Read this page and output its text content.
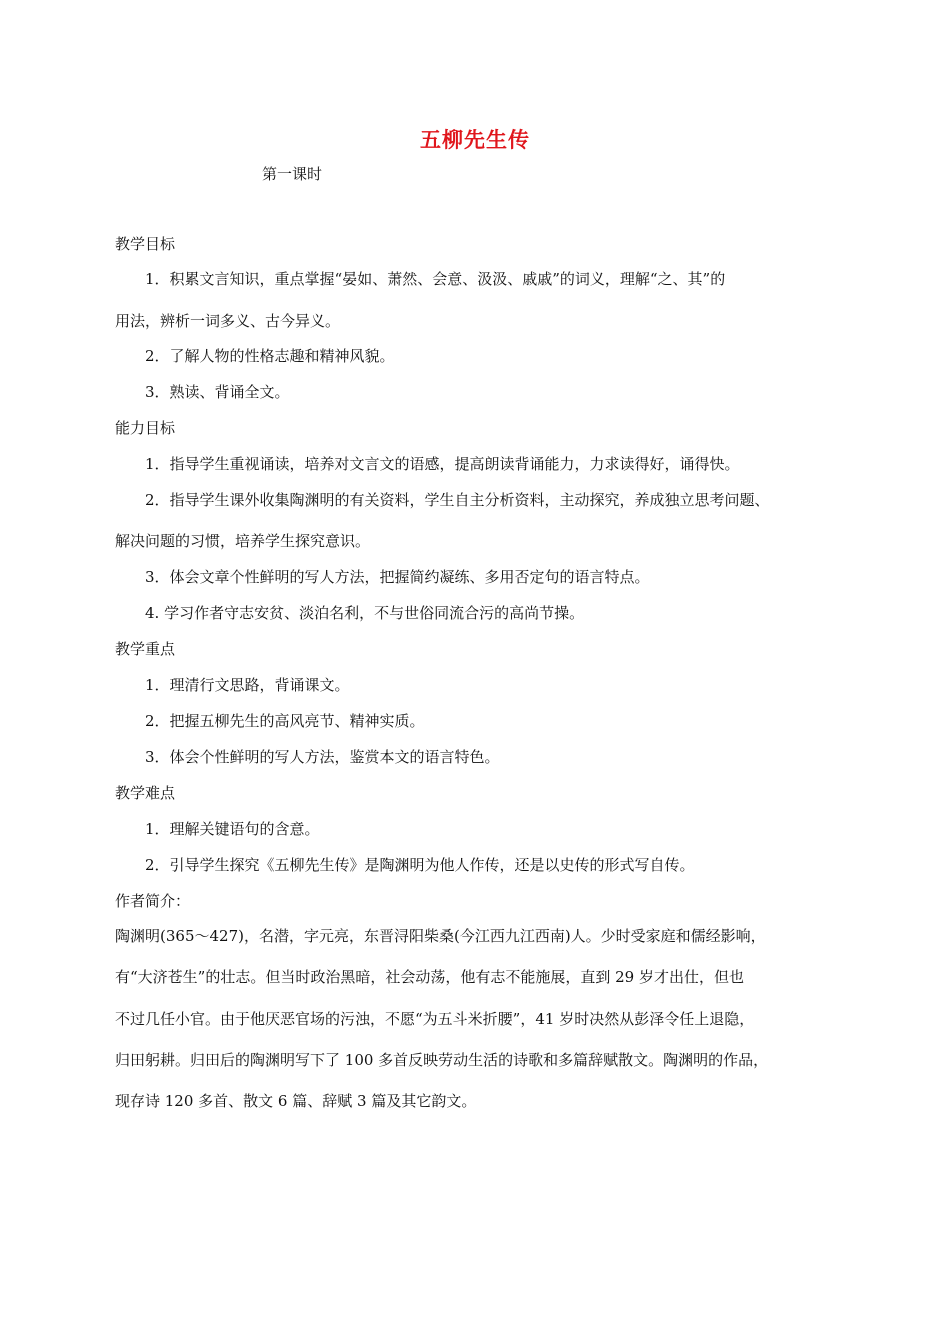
五柳先生传
第一课时
教学目标
1．积累文言知识，重点掌握“晏如、萧然、会意、汲汲、戚戚”的词义，理解“之、其”的
用法，辨析一词多义、古今异义。
2．了解人物的性格志趣和精神风貌。
3．熟读、背诵全文。
能力目标
1．指导学生重视诵读，培养对文言文的语感，提高朗读背诵能力，力求读得好，诵得快。
2．指导学生课外收集陶渊明的有关资料，学生自主分析资料，主动探究，养成独立思考问题、
解决问题的习惯，培养学生探究意识。
3．体会文章个性鲜明的写人方法，把握简约凝练、多用否定句的语言特点。
4. 学习作者守志安贫、淡泊名利，不与世俗同流合污的高尚节操。
教学重点
1．理清行文思路，背诵课文。
2．把握五柳先生的高风亮节、精神实质。
3．体会个性鲜明的写人方法，鉴赏本文的语言特色。
教学难点
1．理解关键语句的含意。
2．引导学生探究《五柳先生传》是陶渊明为他人作传，还是以史传的形式写自传。
作者简介：
陶渊明(365～427)，名潜，字元亮，东晋浔阳柴桑(今江西九江西南)人。少时受家庭和儒经影响，
有“大济苍生”的壮志。但当时政治黑暗，社会动荡，他有志不能施展，直到 29 岁才出仕，但也
不过几任小官。由于他厌恶官场的污浊，不愿“为五斗米折腰”，41 岁时决然从彭泽令任上退隐，
归田躬耕。归田后的陶渊明写下了 100 多首反映劳动生活的诗歌和多篇辞赋散文。陶渊明的作品，
现存诗 120 多首、散文 6 篇、辞赋 3 篇及其它韵文。
